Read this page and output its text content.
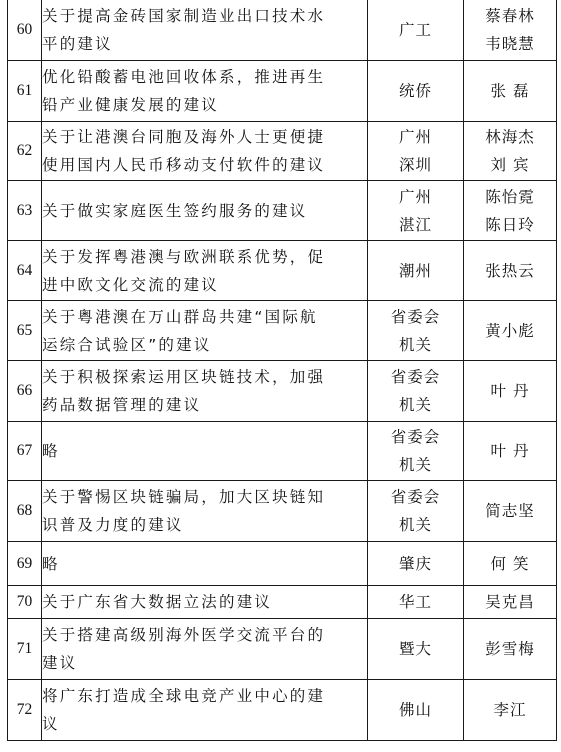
60	关于提高金砖国家制造业出口技术水
平的建议	广工	蔡春林
韦晓慧

61	优化铅酸蓄电池回收体系，推进再生
铅产业健康发展的建议	统侨	张 磊

62	关于让港澳台同胞及海外人士更便捷
使用国内人民币移动支付软件的建议	广州
深圳	林海杰
刘 宾

63	关于做实家庭医生签约服务的建议	广州
湛江	陈怡霓
陈日玲

64	关于发挥粤港澳与欧洲联系优势，促
进中欧文化交流的建议	潮州	张热云

65	关于粤港澳在万山群岛共建“国际航
运综合试验区”的建议	省委会
机关	黄小彪

66	关于积极探索运用区块链技术，加强
药品数据管理的建议	省委会
机关	叶 丹

67	略	省委会
机关	叶 丹

68	关于警惕区块链骗局，加大区块链知
识普及力度的建议	省委会
机关	简志坚

69	略	肇庆	何 笑

70	关于广东省大数据立法的建议	华工	吴克昌

71	关于搭建高级别海外医学交流平台的
建议	暨大	彭雪梅

72	将广东打造成全球电竞产业中心的建
议	佛山	李江
